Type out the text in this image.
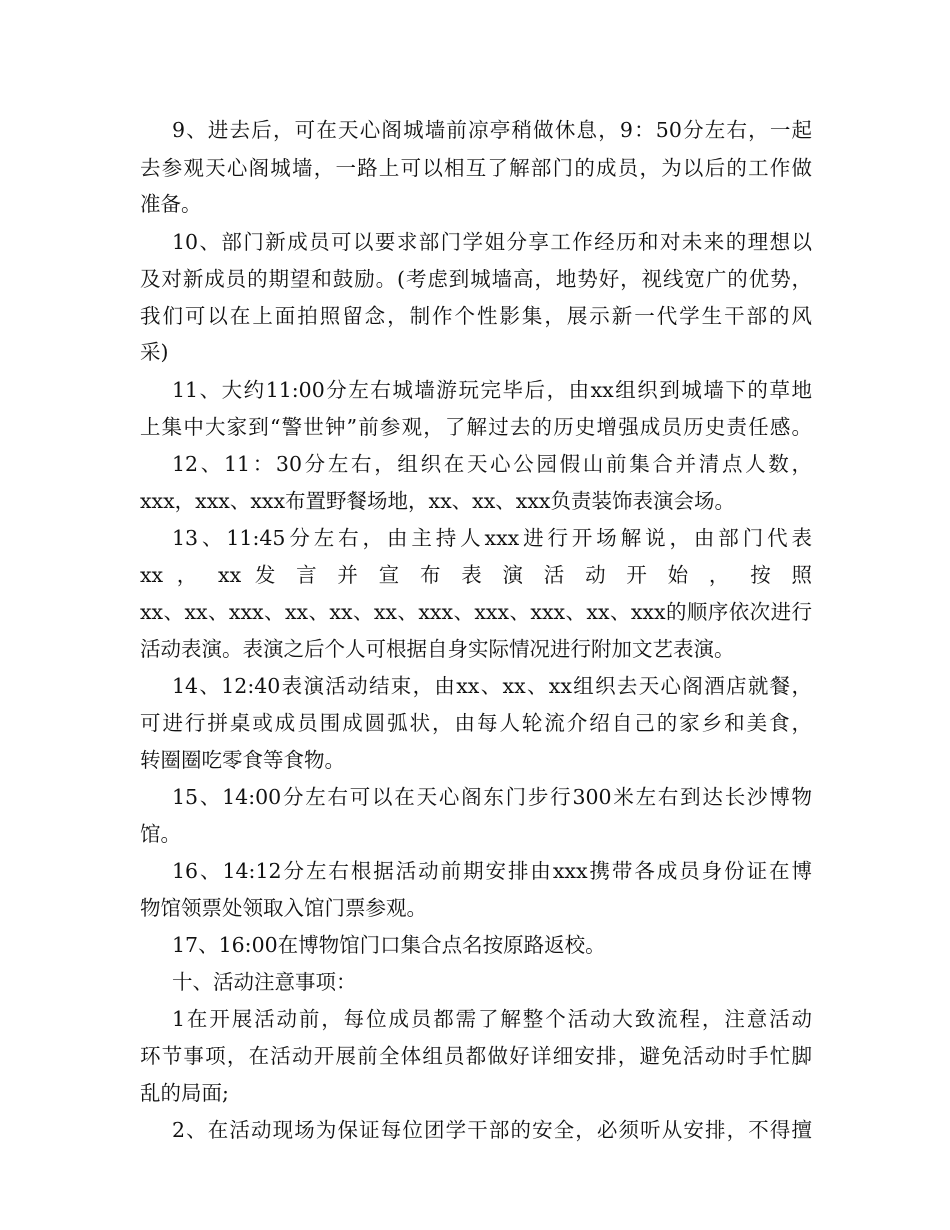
9、进去后，可在天心阁城墙前凉亭稍做休息，9：50分左右，一起
去参观天心阁城墙，一路上可以相互了解部门的成员，为以后的工作做
准备。
10、部门新成员可以要求部门学姐分享工作经历和对未来的理想以
及对新成员的期望和鼓励。(考虑到城墙高，地势好，视线宽广的优势，
我们可以在上面拍照留念，制作个性影集，展示新一代学生干部的风
采)
11、大约11:00分左右城墙游玩完毕后，由xx组织到城墙下的草地
上集中大家到“警世钟”前参观，了解过去的历史增强成员历史责任感。
12、11：30分左右，组织在天心公园假山前集合并清点人数，
xxx，xxx、xxx布置野餐场地，xx、xx、xxx负责装饰表演会场。
13、11:45分左右，由主持人xxx进行开场解说，由部门代表
xx ， xx 发 言 并 宣 布 表 演 活 动 开 始 ， 按 照
xx、xx、xxx、xx、xx、xx、xxx、xxx、xxx、xx、xxx的顺序依次进行
活动表演。表演之后个人可根据自身实际情况进行附加文艺表演。
14、12:40表演活动结束，由xx、xx、xx组织去天心阁酒店就餐，
可进行拼桌或成员围成圆弧状，由每人轮流介绍自己的家乡和美食，
转圈圈吃零食等食物。
15、14:00分左右可以在天心阁东门步行300米左右到达长沙博物
馆。
16、14:12分左右根据活动前期安排由xxx携带各成员身份证在博
物馆领票处领取入馆门票参观。
17、16:00在博物馆门口集合点名按原路返校。
十、活动注意事项：
1在开展活动前，每位成员都需了解整个活动大致流程，注意活动
环节事项，在活动开展前全体组员都做好详细安排，避免活动时手忙脚
乱的局面;
2、在活动现场为保证每位团学干部的安全，必须听从安排，不得擅
